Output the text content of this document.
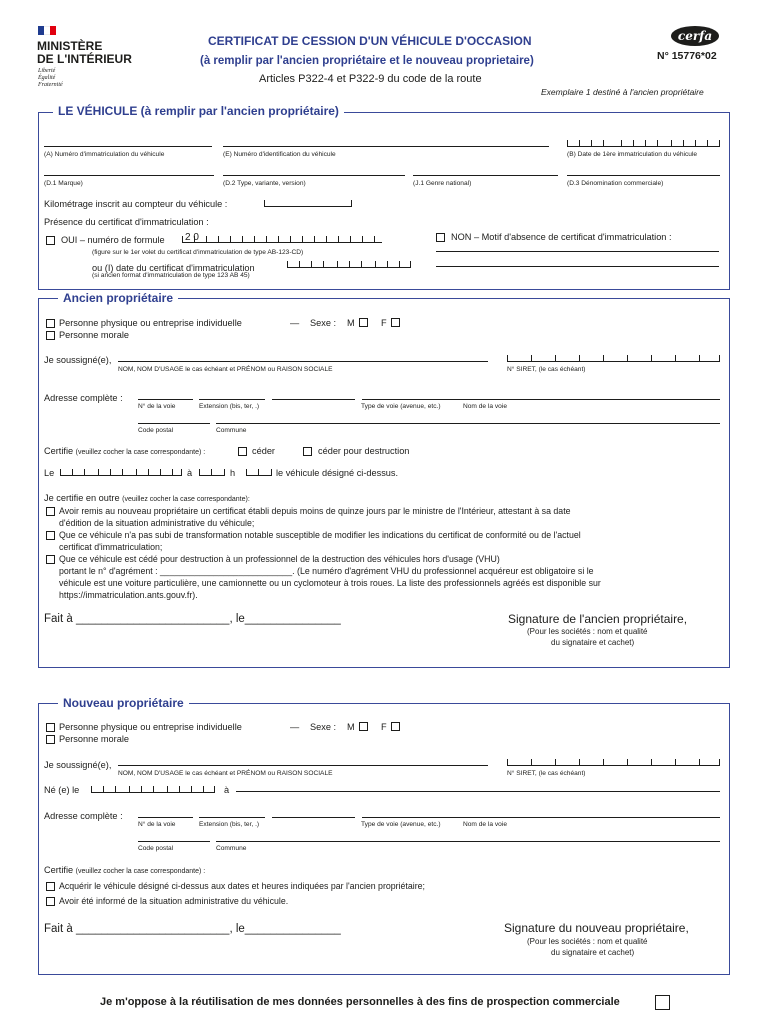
MINISTÈRE
DE L'INTÉRIEUR
Liberté
Égalité
Fraternité
CERTIFICAT DE CESSION D'UN VÉHICULE D'OCCASION
(à remplir par l'ancien propriétaire et le nouveau proprietaire)
Articles P322-4 et P322-9 du code de la route
cerfa
N° 15776*02
Exemplaire 1 destiné à l'ancien propriétaire
LE VÉHICULE (à remplir par l'ancien propriétaire)
(A) Numéro d'immatriculation du véhicule	(E) Numéro d'identification du véhicule	(B) Date de 1ère immatriculation du véhicule
(D.1 Marque)	(D.2 Type, variante, version)	(J.1 Genre national)	(D.3 Dénomination commerciale)
Kilométrage inscrit au compteur du véhicule :
Présence du certificat d'immatriculation :
OUI – numéro de formule 2 0
(figure sur le 1er volet du certificat d'immatriculation de type AB-123-CD)
ou (I) date du certificat d'immatriculation
(si ancien format d'immatriculation de type 123 AB 45)
NON – Motif d'absence de certificat d'immatriculation :
Ancien propriétaire
Personne physique ou entreprise individuelle	— Sexe : M	F
Personne morale
Je soussigné(e),
NOM, NOM D'USAGE le cas échéant et PRÉNOM ou RAISON SOCIALE	N° SIRET, (le cas échéant)
Adresse complète :
N° de la voie	Extension (bis, ter, .)	Type de voie (avenue, etc.)	Nom de la voie
Code postal	Commune
Certifie (veuillez cocher la case correspondante) :	céder	céder pour destruction
Le	à	h	le véhicule désigné ci-dessus.
Je certifie en outre (veuillez cocher la case correspondante):
Avoir remis au nouveau propriétaire un certificat établi depuis moins de quinze jours par le ministre de l'Intérieur, attestant à sa date
d'édition de la situation administrative du véhicule;
Que ce véhicule n'a pas subi de transformation notable susceptible de modifier les indications du certificat de conformité ou de l'actuel
certificat d'immatriculation;
Que ce véhicule est cédé pour destruction à un professionnel de la destruction des véhicules hors d'usage (VHU)
portant le n° d'agrément : ___________________________. (Le numéro d'agrément VHU du professionnel acquéreur est obligatoire si le
véhicule est une voiture particulière, une camionnette ou un cyclomoteur à trois roues. La liste des professionnels agréés est disponible sur
https://immatriculation.ants.gouv.fr).
Fait à ________________________, le_______________	Signature de l'ancien propriétaire,
(Pour les sociétés : nom et qualité
du signataire et cachet)
Nouveau propriétaire
Personne physique ou entreprise individuelle	— Sexe : M	F
Personne morale
Je soussigné(e),
NOM, NOM D'USAGE le cas échéant et PRÉNOM ou RAISON SOCIALE	N° SIRET, (le cas échéant)
Né (e) le	à
Adresse complète :
N° de la voie	Extension (bis, ter, .)	Type de voie (avenue, etc.)	Nom de la voie
Code postal	Commune
Certifie (veuillez cocher la case correspondante) :
Acquérir le véhicule désigné ci-dessus aux dates et heures indiquées par l'ancien propriétaire;
Avoir été informé de la situation administrative du véhicule.
Fait à ________________________, le_______________	Signature du nouveau propriétaire,
(Pour les sociétés : nom et qualité
du signataire et cachet)
Je m'oppose à la réutilisation de mes données personnelles à des fins de prospection commerciale
